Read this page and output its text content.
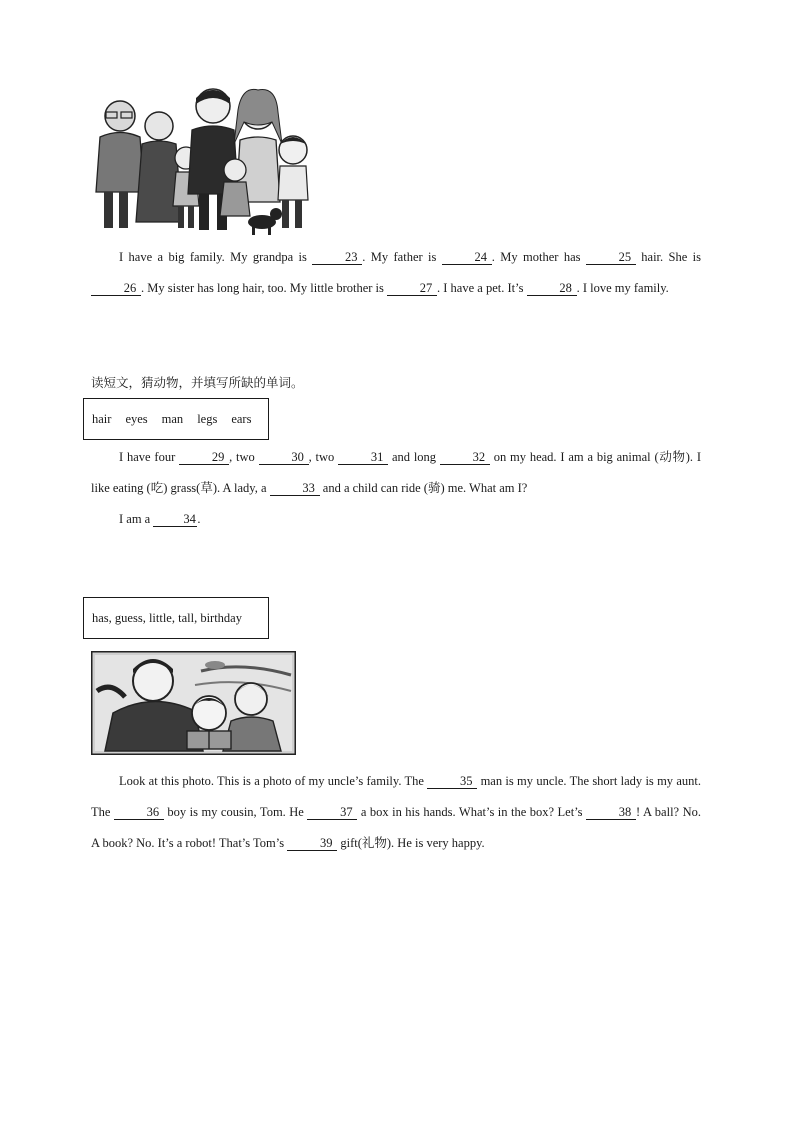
I have a big family. My grandpa is	23 . My father is	24 . My mother has	25 hair. She is 26 . My sister has long hair, too. My little brother is	27 . I have a pet. It’s	28 . I love my family.

读短文，猜动物，并填写所缺的单词。

hair eyes man legs ears

I have four	29 , two	30 , two	31 and long	32 on my head. I am a big animal (动物). I like eating (吃) grass(草). A lady, a	33 and a child can ride (骑) me. What am I?

I am a 34 .

has, guess, little, tall, birthday

Look at this photo. This is a photo of my uncle’s family. The	35 man is my uncle. The short lady is my aunt. The	36 boy is my cousin, Tom. He	37 a box in his hands. What’s in the box? Let’s	38 ! A ball? No. A book? No. It’s a robot! That’s Tom’s	39 gift(礼物). He is very happy.
